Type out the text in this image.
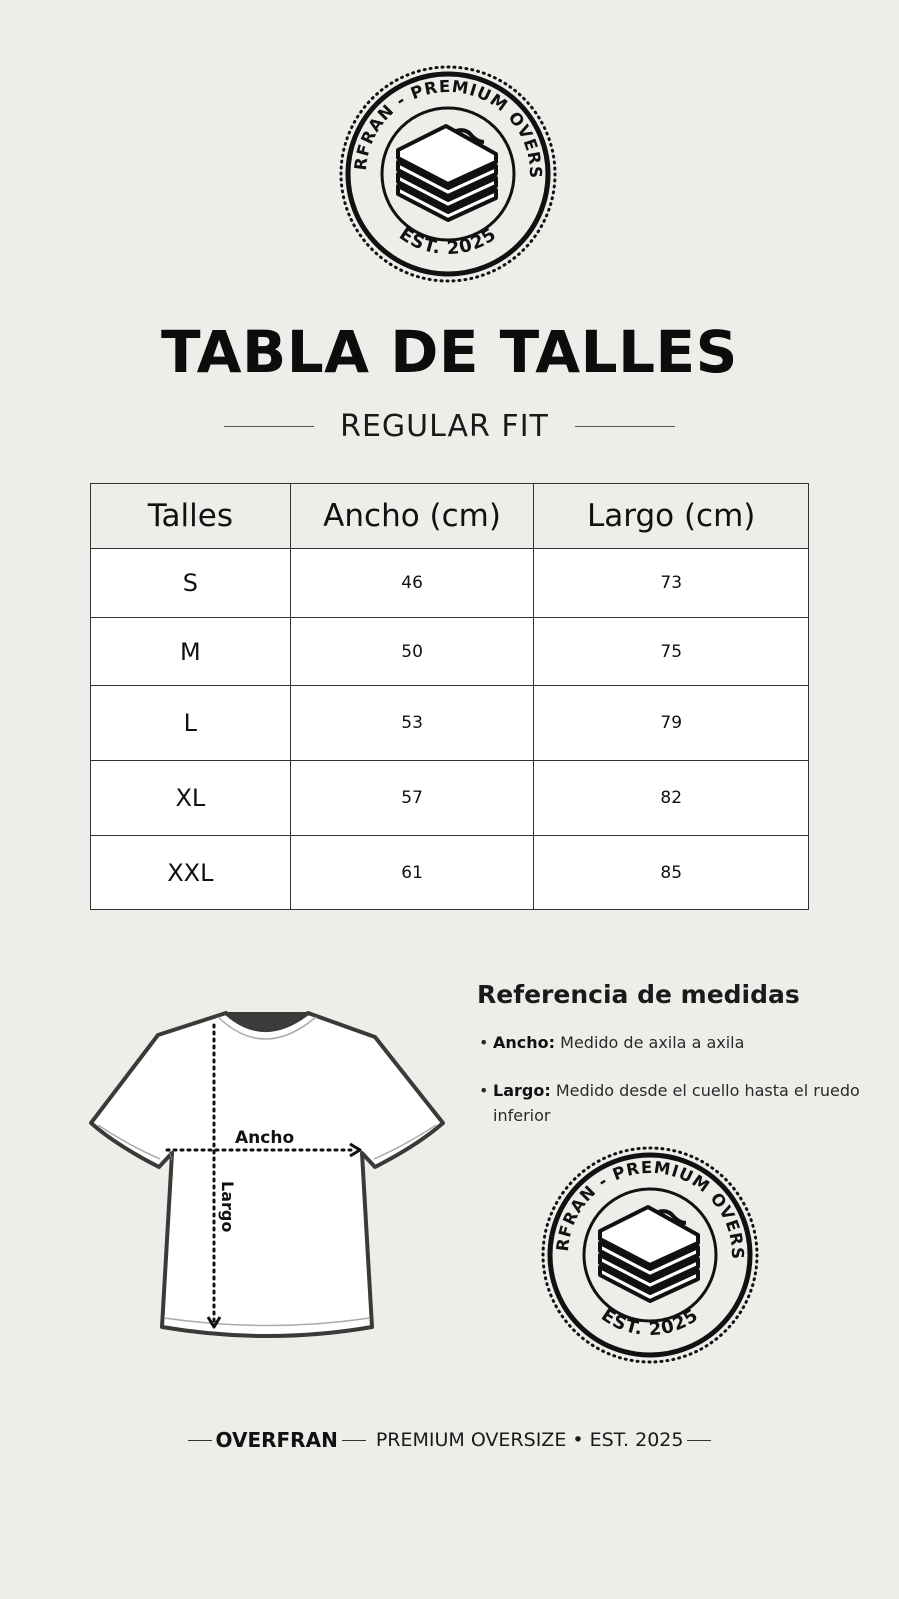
RFRAN - PREMIUM OVERS
EST. 2025
TABLA DE TALLES
REGULAR FIT
Talles	Ancho (cm)	Largo (cm)
S	46	73
M	50	75
L	53	79
XL	57	82
XXL	61	85
Ancho
Largo
Referencia de medidas
• Ancho: Medido de axila a axila
• Largo: Medido desde el cuello hasta el ruedo inferior
RFRAN - PREMIUM OVERS
EST. 2025
OVERFRAN PREMIUM OVERSIZE • EST. 2025
